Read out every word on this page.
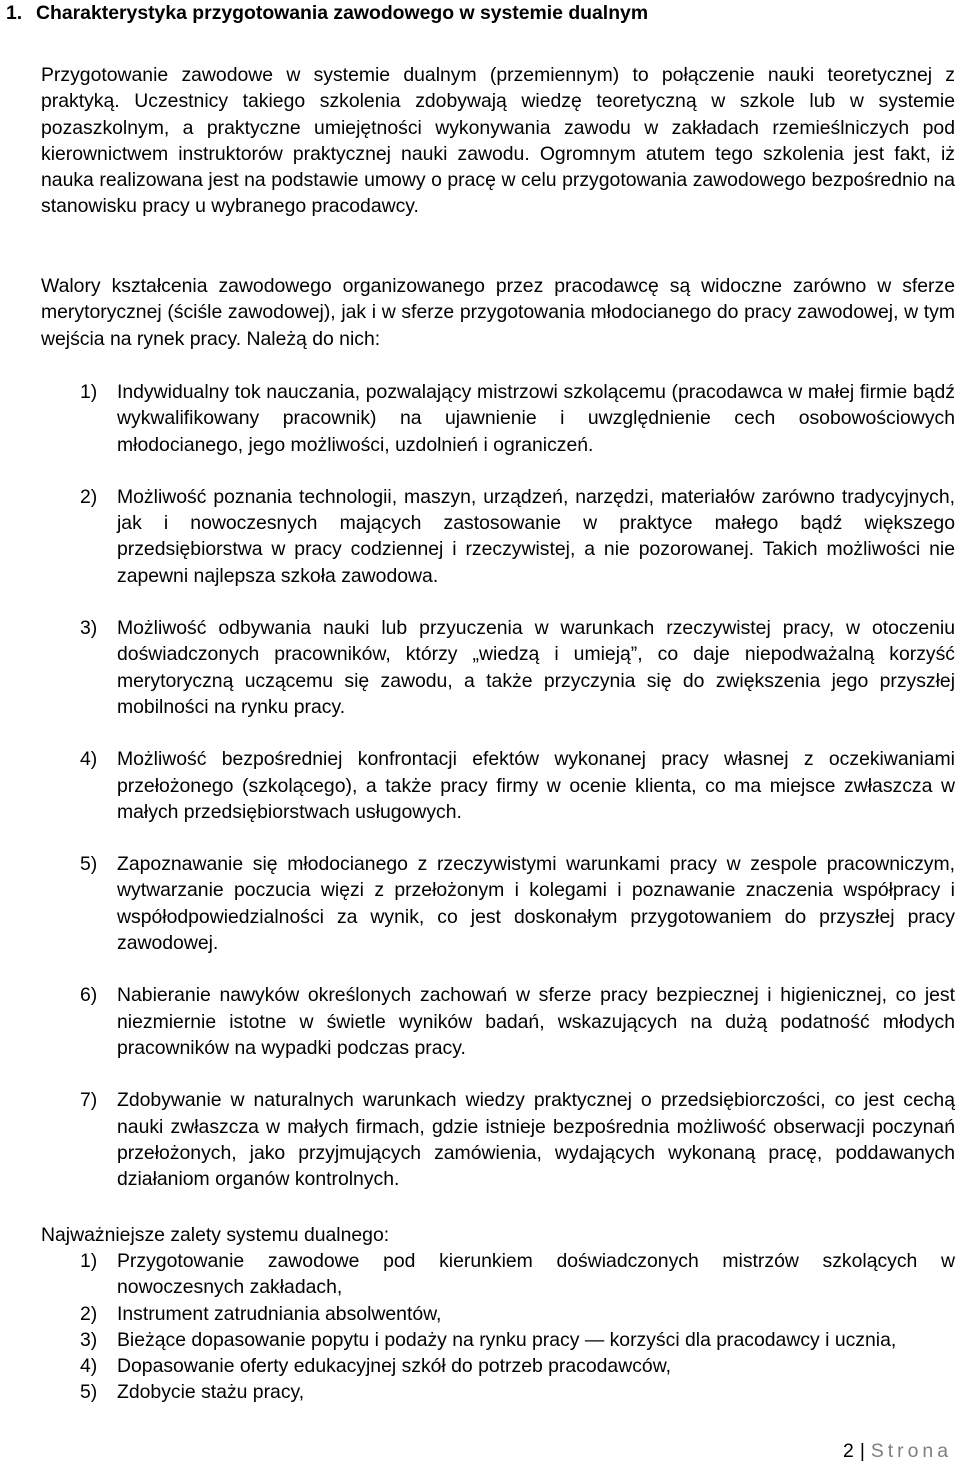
1. Charakterystyka przygotowania zawodowego w systemie dualnym
Przygotowanie zawodowe w systemie dualnym (przemiennym) to połączenie nauki teoretycznej z praktyką. Uczestnicy takiego szkolenia zdobywają wiedzę teoretyczną w szkole lub w systemie pozaszkolnym, a praktyczne umiejętności wykonywania zawodu w zakładach rzemieślniczych pod kierownictwem instruktorów praktycznej nauki zawodu. Ogromnym atutem tego szkolenia jest fakt, iż nauka realizowana jest na podstawie umowy o pracę w celu przygotowania zawodowego bezpośrednio na stanowisku pracy u wybranego pracodawcy.
Walory kształcenia zawodowego organizowanego przez pracodawcę są widoczne zarówno w sferze merytorycznej (ściśle zawodowej), jak i w sferze przygotowania młodocianego do pracy zawodowej, w tym wejścia na rynek pracy. Należą do nich:
1)	Indywidualny tok nauczania, pozwalający mistrzowi szkolącemu (pracodawca w małej firmie bądź wykwalifikowany pracownik) na ujawnienie i uwzględnienie cech osobowościowych młodocianego, jego możliwości, uzdolnień i ograniczeń.
2)	Możliwość poznania technologii, maszyn, urządzeń, narzędzi, materiałów zarówno tradycyjnych, jak i nowoczesnych mających zastosowanie w praktyce małego bądź większego przedsiębiorstwa w pracy codziennej i rzeczywistej, a nie pozorowanej. Takich możliwości nie zapewni najlepsza szkoła zawodowa.
3)	Możliwość odbywania nauki lub przyuczenia w warunkach rzeczywistej pracy, w otoczeniu doświadczonych pracowników, którzy „wiedzą i umieją”, co daje niepodważalną korzyść merytoryczną uczącemu się zawodu, a także przyczynia się do zwiększenia jego przyszłej mobilności na rynku pracy.
4)	Możliwość bezpośredniej konfrontacji efektów wykonanej pracy własnej z oczekiwaniami przełożonego (szkolącego), a także pracy firmy w ocenie klienta, co ma miejsce zwłaszcza w małych przedsiębiorstwach usługowych.
5)	Zapoznawanie się młodocianego z rzeczywistymi warunkami pracy w zespole pracowniczym, wytwarzanie poczucia więzi z przełożonym i kolegami i poznawanie znaczenia współpracy i współodpowiedzialności za wynik, co jest doskonałym przygotowaniem do przyszłej pracy zawodowej.
6)	Nabieranie nawyków określonych zachowań w sferze pracy bezpiecznej i higienicznej, co jest niezmiernie istotne w świetle wyników badań, wskazujących na dużą podatność młodych pracowników na wypadki podczas pracy.
7)	Zdobywanie w naturalnych warunkach wiedzy praktycznej o przedsiębiorczości, co jest cechą nauki zwłaszcza w małych firmach, gdzie istnieje bezpośrednia możliwość obserwacji poczynań przełożonych, jako przyjmujących zamówienia, wydających wykonaną pracę, poddawanych działaniom organów kontrolnych.
Najważniejsze zalety systemu dualnego:
1)	Przygotowanie zawodowe pod kierunkiem doświadczonych mistrzów szkolących w nowoczesnych zakładach,
2)	Instrument zatrudniania absolwentów,
3)	Bieżące dopasowanie popytu i podaży na rynku pracy — korzyści dla pracodawcy i ucznia,
4)	Dopasowanie oferty edukacyjnej szkół do potrzeb pracodawców,
5)	Zdobycie stażu pracy,
2 | Strona
